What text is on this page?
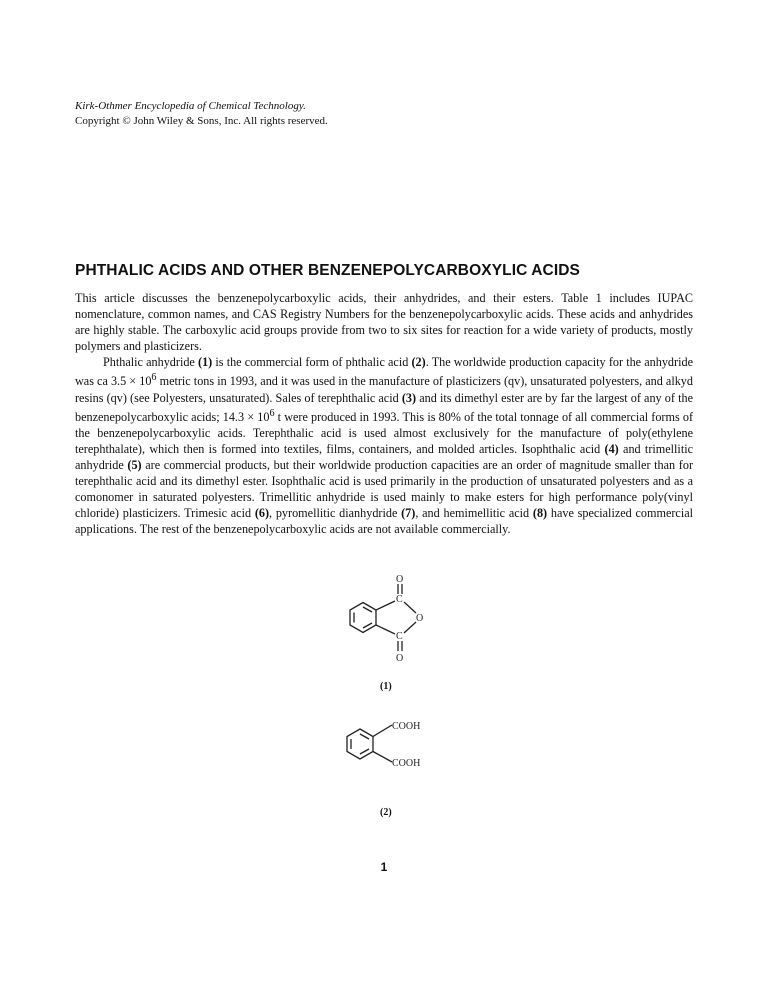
Kirk-Othmer Encyclopedia of Chemical Technology.
Copyright © John Wiley & Sons, Inc. All rights reserved.
PHTHALIC ACIDS AND OTHER BENZENEPOLYCARBOXYLIC ACIDS

This article discusses the benzenepolycarboxylic acids, their anhydrides, and their esters. Table 1 includes IUPAC nomenclature, common names, and CAS Registry Numbers for the benzenepolycarboxylic acids. These acids and anhydrides are highly stable. The carboxylic acid groups provide from two to six sites for reaction for a wide variety of products, mostly polymers and plasticizers.

Phthalic anhydride (1) is the commercial form of phthalic acid (2). The worldwide production capacity for the anhydride was ca $3.5 \times 10^6$ metric tons in 1993, and it was used in the manufacture of plasticizers (qv), unsaturated polyesters, and alkyd resins (qv) (see Polyesters, unsaturated). Sales of terephthalic acid (3) and its dimethyl ester are by far the largest of any of the benzenepolycarboxylic acids; $14.3 \times 10^6$ t were produced in 1993. This is 80% of the total tonnage of all commercial forms of the benzenepolycarboxylic acids. Terephthalic acid is used almost exclusively for the manufacture of poly(ethylene terephthalate), which then is formed into textiles, films, containers, and molded articles. Isophthalic acid (4) and trimellitic anhydride (5) are commercial products, but their worldwide production capacities are an order of magnitude smaller than for terephthalic acid and its dimethyl ester. Isophthalic acid is used primarily in the production of unsaturated polyesters and as a comonomer in saturated polyesters. Trimellitic anhydride is used mainly to make esters for high performance poly(vinyl chloride) plasticizers. Trimesic acid (6), pyromellitic dianhydride (7), and hemimellitic acid (8) have specialized commercial applications. The rest of the benzenepolycarboxylic acids are not available commercially.

O
C
O
C
O
(1)
COOH
COOH
(2)
1
